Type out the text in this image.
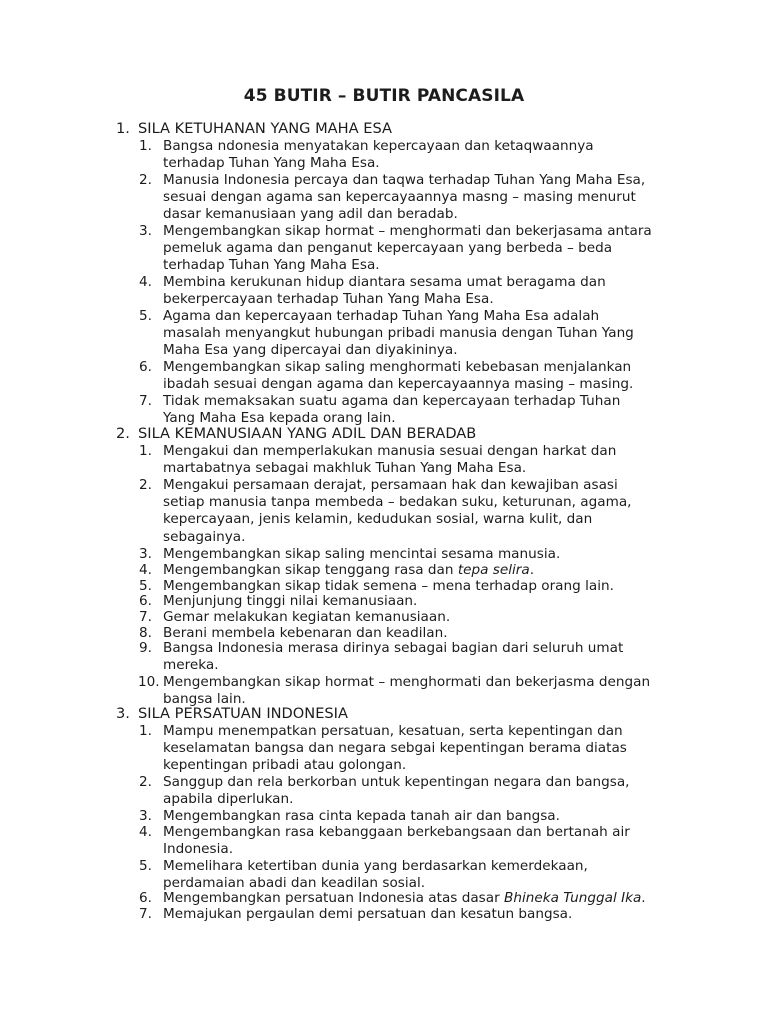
45 BUTIR – BUTIR PANCASILA
1. SILA KETUHANAN YANG MAHA ESA
1. Bangsa ndonesia menyatakan kepercayaan dan ketaqwaannya
terhadap Tuhan Yang Maha Esa.
2. Manusia Indonesia percaya dan taqwa terhadap Tuhan Yang Maha Esa,
sesuai dengan agama san kepercayaannya masng – masing menurut
dasar kemanusiaan yang adil dan beradab.
3. Mengembangkan sikap hormat – menghormati dan bekerjasama antara
pemeluk agama dan penganut kepercayaan yang berbeda – beda
terhadap Tuhan Yang Maha Esa.
4. Membina kerukunan hidup diantara sesama umat beragama dan
bekerpercayaan terhadap Tuhan Yang Maha Esa.
5. Agama dan kepercayaan terhadap Tuhan Yang Maha Esa adalah
masalah menyangkut hubungan pribadi manusia dengan Tuhan Yang
Maha Esa yang dipercayai dan diyakininya.
6. Mengembangkan sikap saling menghormati kebebasan menjalankan
ibadah sesuai dengan agama dan kepercayaannya masing – masing.
7. Tidak memaksakan suatu agama dan kepercayaan terhadap Tuhan
Yang Maha Esa kepada orang lain.
2. SILA KEMANUSIAAN YANG ADIL DAN BERADAB
1. Mengakui dan memperlakukan manusia sesuai dengan harkat dan
martabatnya sebagai makhluk Tuhan Yang Maha Esa.
2. Mengakui persamaan derajat, persamaan hak dan kewajiban asasi
setiap manusia tanpa membeda – bedakan suku, keturunan, agama,
kepercayaan, jenis kelamin, kedudukan sosial, warna kulit, dan
sebagainya.
3. Mengembangkan sikap saling mencintai sesama manusia.
4. Mengembangkan sikap tenggang rasa dan tepa selira.
5. Mengembangkan sikap tidak semena – mena terhadap orang lain.
6. Menjunjung tinggi nilai kemanusiaan.
7. Gemar melakukan kegiatan kemanusiaan.
8. Berani membela kebenaran dan keadilan.
9. Bangsa Indonesia merasa dirinya sebagai bagian dari seluruh umat
mereka.
10. Mengembangkan sikap hormat – menghormati dan bekerjasma dengan
bangsa lain.
3. SILA PERSATUAN INDONESIA
1. Mampu menempatkan persatuan, kesatuan, serta kepentingan dan
keselamatan bangsa dan negara sebgai kepentingan berama diatas
kepentingan pribadi atau golongan.
2. Sanggup dan rela berkorban untuk kepentingan negara dan bangsa,
apabila diperlukan.
3. Mengembangkan rasa cinta kepada tanah air dan bangsa.
4. Mengembangkan rasa kebanggaan berkebangsaan dan bertanah air
Indonesia.
5. Memelihara ketertiban dunia yang berdasarkan kemerdekaan,
perdamaian abadi dan keadilan sosial.
6. Mengembangkan persatuan Indonesia atas dasar Bhineka Tunggal Ika.
7. Memajukan pergaulan demi persatuan dan kesatun bangsa.
